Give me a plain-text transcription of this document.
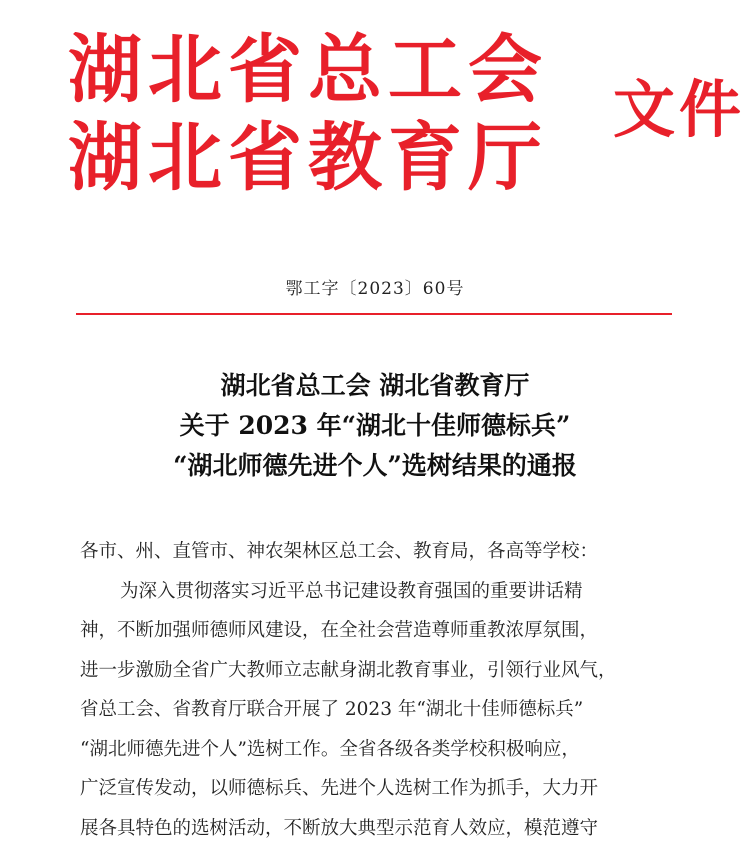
湖北省总工会
湖北省教育厅
文件
鄂工字〔2023〕60号
湖北省总工会 湖北省教育厅
关于 2023 年“湖北十佳师德标兵”
“湖北师德先进个人”选树结果的通报

各市、州、直管市、神农架林区总工会、教育局，各高等学校：

为深入贯彻落实习近平总书记建设教育强国的重要讲话精

神，不断加强师德师风建设，在全社会营造尊师重教浓厚氛围，

进一步激励全省广大教师立志献身湖北教育事业，引领行业风气，

省总工会、省教育厅联合开展了 2023 年“湖北十佳师德标兵”

“湖北师德先进个人”选树工作。全省各级各类学校积极响应，

广泛宣传发动，以师德标兵、先进个人选树工作为抓手，大力开

展各具特色的选树活动，不断放大典型示范育人效应，模范遵守
